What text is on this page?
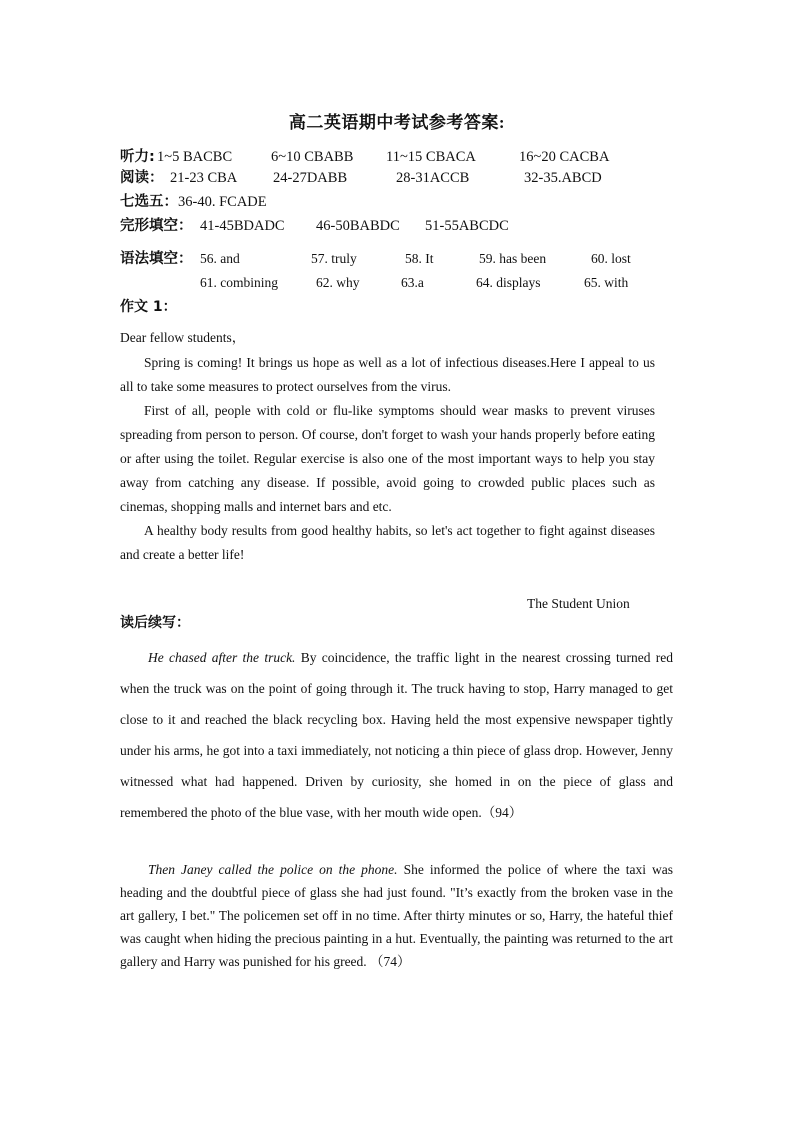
高二英语期中考试参考答案:
听力: 1~5 BACBC	6~10 CBABB 11~15 CBACA	16~20 CACBA
阅读： 21-23 CBA 24-27DABB	28-31ACCB	32-35.ABCD
七选五：36-40. FCADE
完形填空： 41-45BDADC 46-50BABDC 51-55ABCDC
语法填空： 56. and	57. truly	58. It	59. has been	60. lost
61. combining	62. why	63.a	64. displays	65. with
作文 1：
Dear fellow students，

Spring is coming! It brings us hope as well as a lot of infectious diseases.Here I appeal to us all to take some measures to protect ourselves from the virus.

First of all, people with cold or flu-like symptoms should wear masks to prevent viruses spreading from person to person. Of course, don't forget to wash your hands properly before eating or after using the toilet. Regular exercise is also one of the most important ways to help you stay away from catching any disease. If possible, avoid going to crowded public places such as cinemas, shopping malls and internet bars and etc.

A healthy body results from good healthy habits, so let's act together to fight against diseases and create a better life!

The Student Union
读后续写：

He chased after the truck. By coincidence, the traffic light in the nearest crossing turned red when the truck was on the point of going through it. The truck having to stop, Harry managed to get close to it and reached the black recycling box. Having held the most expensive newspaper tightly under his arms, he got into a taxi immediately, not noticing a thin piece of glass drop. However, Jenny witnessed what had happened. Driven by curiosity, she homed in on the piece of glass and remembered the photo of the blue vase, with her mouth wide open.（94）

Then Janey called the police on the phone. She informed the police of where the taxi was heading and the doubtful piece of glass she had just found. "It’s exactly from the broken vase in the art gallery, I bet." The policemen set off in no time. After thirty minutes or so, Harry, the hateful thief was caught when hiding the precious painting in a hut. Eventually, the painting was returned to the art gallery and Harry was punished for his greed. （74）
